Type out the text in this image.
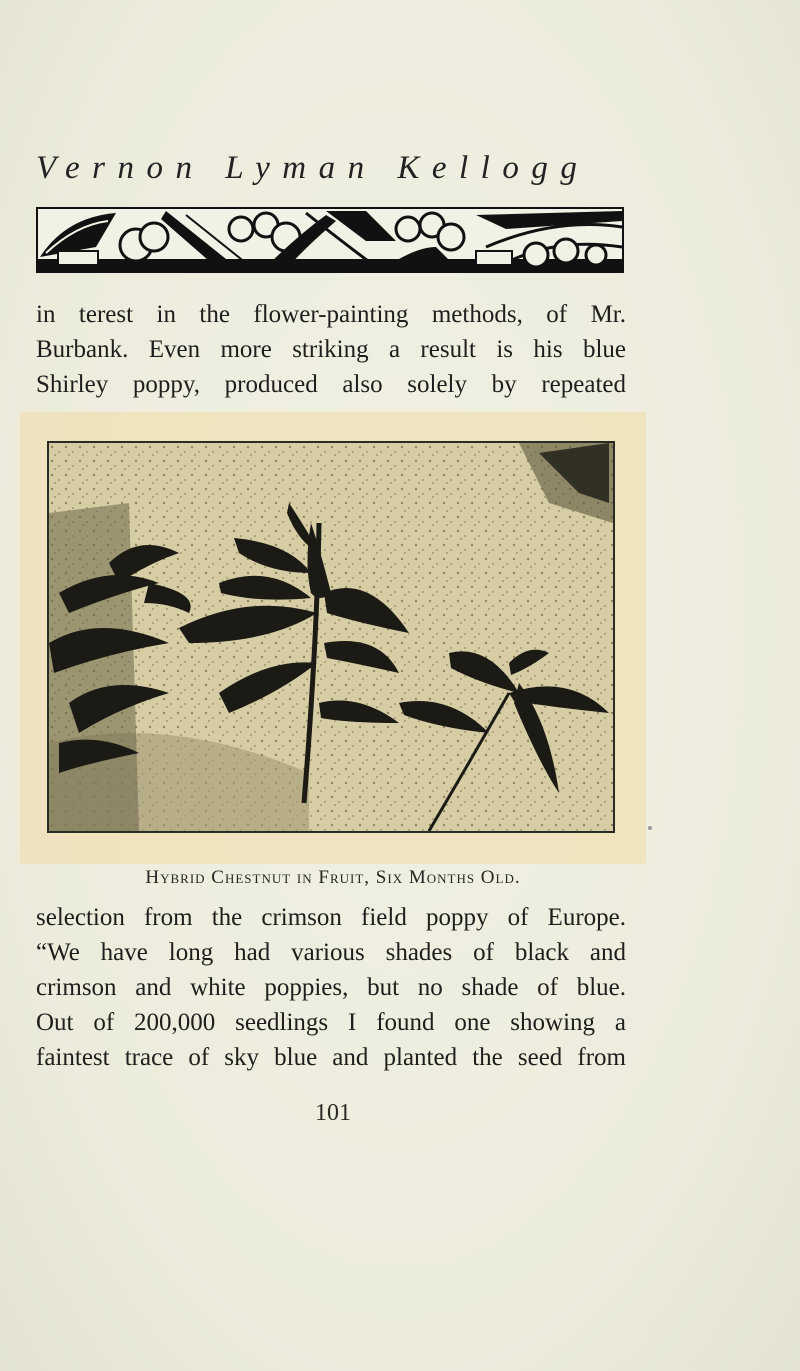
Vernon Lyman Kellogg
in terest in the flower-painting methods, of Mr.
Burbank. Even more striking a result is his blue
Shirley poppy, produced also solely by repeated
Hybrid Chestnut in Fruit, Six Months Old.
selection from the crimson field poppy of Europe.
“We have long had various shades of black and
crimson and white poppies, but no shade of blue.
Out of 200,000 seedlings I found one showing a
faintest trace of sky blue and planted the seed from
101
